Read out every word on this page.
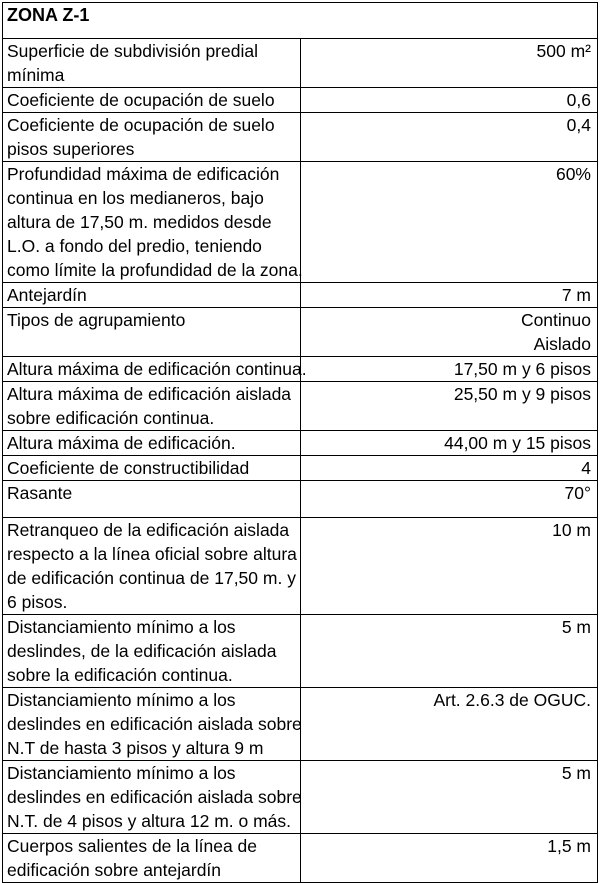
ZONA Z-1	

Superficie de subdivisión predial
mínima	500 m²

Coeficiente de ocupación de suelo	0,6

Coeficiente de ocupación de suelo
pisos superiores	0,4

Profundidad máxima de edificación
continua en los medianeros, bajo
altura de 17,50 m. medidos desde
L.O. a fondo del predio, teniendo
como límite la profundidad de la zona.	60%

Antejardín	7 m

Tipos de agrupamiento	Continuo
Aislado

Altura máxima de edificación continua.	17,50 m y 6 pisos

Altura máxima de edificación aislada
sobre edificación continua.	25,50 m y 9 pisos

Altura máxima de edificación.	44,00 m y 15 pisos

Coeficiente de constructibilidad	4

Rasante	70°

Retranqueo de la edificación aislada
respecto a la línea oficial sobre altura
de edificación continua de 17,50 m. y
6 pisos.	10 m

Distanciamiento mínimo a los
deslindes, de la edificación aislada
sobre la edificación continua.	5 m

Distanciamiento mínimo a los
deslindes en edificación aislada sobre
N.T de hasta 3 pisos y altura 9 m	Art. 2.6.3 de OGUC.

Distanciamiento mínimo a los
deslindes en edificación aislada sobre
N.T. de 4 pisos y altura 12 m. o más.	5 m

Cuerpos salientes de la línea de
edificación sobre antejardín	1,5 m
